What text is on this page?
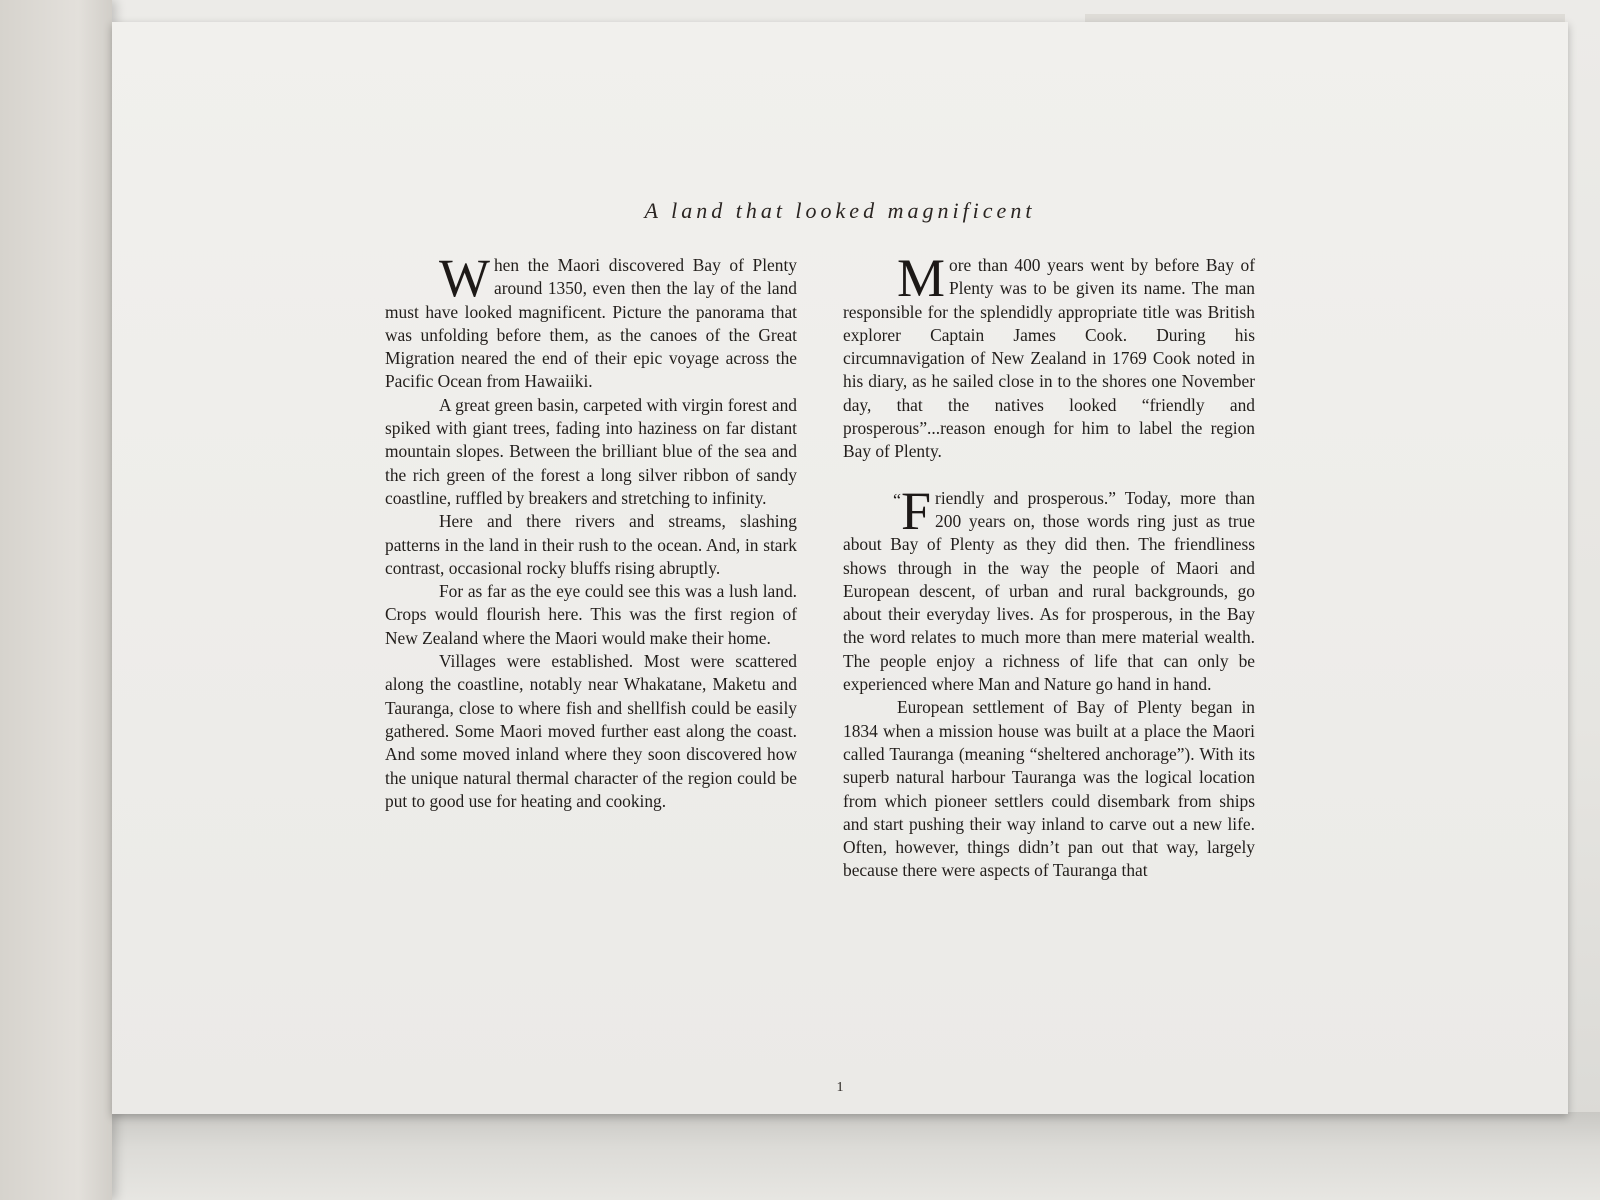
A land that looked magnificent

When the Maori discovered Bay of Plenty around 1350, even then the lay of the land must have looked magnificent. Picture the panorama that was unfolding before them, as the canoes of the Great Migration neared the end of their epic voyage across the Pacific Ocean from Hawaiiki.

A great green basin, carpeted with virgin forest and spiked with giant trees, fading into haziness on far distant mountain slopes. Between the brilliant blue of the sea and the rich green of the forest a long silver ribbon of sandy coastline, ruffled by breakers and stretching to infinity.

Here and there rivers and streams, slashing patterns in the land in their rush to the ocean. And, in stark contrast, occasional rocky bluffs rising abruptly.

For as far as the eye could see this was a lush land. Crops would flourish here. This was the first region of New Zealand where the Maori would make their home.

Villages were established. Most were scattered along the coastline, notably near Whakatane, Maketu and Tauranga, close to where fish and shellfish could be easily gathered. Some Maori moved further east along the coast. And some moved inland where they soon discovered how the unique natural thermal character of the region could be put to good use for heating and cooking.

More than 400 years went by before Bay of Plenty was to be given its name. The man responsible for the splendidly appropriate title was British explorer Captain James Cook. During his circumnavigation of New Zealand in 1769 Cook noted in his diary, as he sailed close in to the shores one November day, that the natives looked “friendly and prosperous”...reason enough for him to label the region Bay of Plenty.

“F riendly and prosperous.” Today, more than 200 years on, those words ring just as true about Bay of Plenty as they did then. The friendliness shows through in the way the people of Maori and European descent, of urban and rural backgrounds, go about their everyday lives. As for prosperous, in the Bay the word relates to much more than mere material wealth. The people enjoy a richness of life that can only be experienced where Man and Nature go hand in hand.

European settlement of Bay of Plenty began in 1834 when a mission house was built at a place the Maori called Tauranga (meaning “sheltered anchorage”). With its superb natural harbour Tauranga was the logical location from which pioneer settlers could disembark from ships and start pushing their way inland to carve out a new life. Often, however, things didn’t pan out that way, largely because there were aspects of Tauranga that

1
